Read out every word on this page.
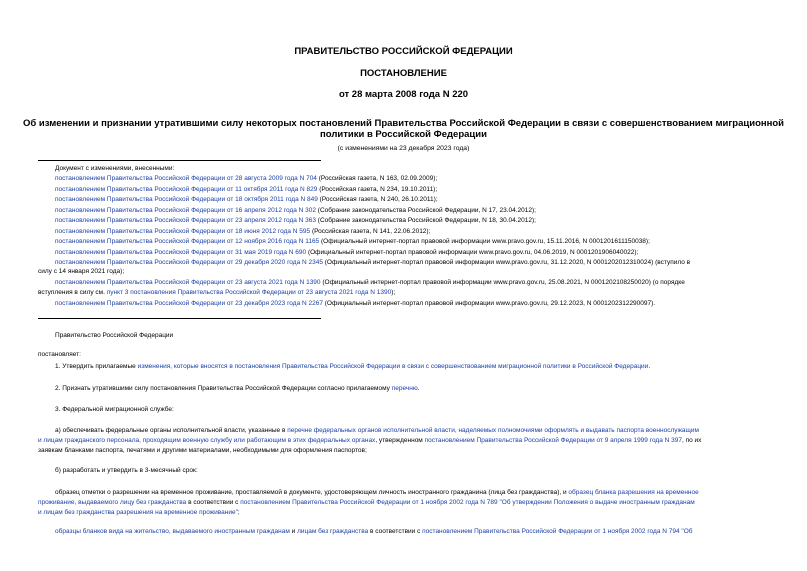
ПРАВИТЕЛЬСТВО РОССИЙСКОЙ ФЕДЕРАЦИИ
ПОСТАНОВЛЕНИЕ
от 28 марта 2008 года N 220
Об изменении и признании утратившими силу некоторых постановлений Правительства Российской Федерации в связи с совершенствованием миграционной
политики в Российской Федерации
(с изменениями на 23 декабря 2023 года)
Документ с изменениями, внесенными:
постановлением Правительства Российской Федерации от 28 августа 2009 года N 704 (Российская газета, N 163, 02.09.2009);
постановлением Правительства Российской Федерации от 11 октября 2011 года N 829 (Российская газета, N 234, 19.10.2011);
постановлением Правительства Российской Федерации от 18 октября 2011 года N 849 (Российская газета, N 240, 26.10.2011);
постановлением Правительства Российской Федерации от 16 апреля 2012 года N 302 (Собрание законодательства Российской Федерации, N 17, 23.04.2012);
постановлением Правительства Российской Федерации от 23 апреля 2012 года N 363 (Собрание законодательства Российской Федерации, N 18, 30.04.2012);
постановлением Правительства Российской Федерации от 18 июня 2012 года N 595 (Российская газета, N 141, 22.06.2012);
постановлением Правительства Российской Федерации от 12 ноября 2016 года N 1165 (Официальный интернет-портал правовой информации www.pravo.gov.ru, 15.11.2016, N 0001201611150038);
постановлением Правительства Российской Федерации от 31 мая 2019 года N 690 (Официальный интернет-портал правовой информации www.pravo.gov.ru, 04.06.2019, N 0001201906040022);
постановлением Правительства Российской Федерации от 29 декабря 2020 года N 2345 (Официальный интернет-портал правовой информации www.pravo.gov.ru, 31.12.2020, N 0001202012310024) (вступило в
силу с 14 января 2021 года);
постановлением Правительства Российской Федерации от 23 августа 2021 года N 1390 (Официальный интернет-портал правовой информации www.pravo.gov.ru, 25.08.2021, N 0001202108250020) (о порядке
вступления в силу см. пункт 3 постановления Правительства Российской Федерации от 23 августа 2021 года N 1390);
постановлением Правительства Российской Федерации от 23 декабря 2023 года N 2267 (Официальный интернет-портал правовой информации www.pravo.gov.ru, 29.12.2023, N 0001202312290097).
Правительство Российской Федерации
постановляет:
1. Утвердить прилагаемые изменения, которые вносятся в постановления Правительства Российской Федерации в связи с совершенствованием миграционной политики в Российской Федерации.
2. Признать утратившими силу постановления Правительства Российской Федерации согласно прилагаемому перечню.
3. Федеральной миграционной службе:
а) обеспечивать федеральные органы исполнительной власти, указанные в перечне федеральных органов исполнительной власти, наделяемых полномочиями оформлять и выдавать паспорта военнослужащим
и лицам гражданского персонала, проходящим военную службу или работающим в этих федеральных органах, утвержденном постановлением Правительства Российской Федерации от 9 апреля 1999 года N 397, по их
заявкам бланками паспорта, печатями и другими материалами, необходимыми для оформления паспортов;
б) разработать и утвердить в 3-месячный срок:
образец отметки о разрешении на временное проживание, проставляемой в документе, удостоверяющем личность иностранного гражданина (лица без гражданства), и образец бланка разрешения на временное
проживание, выдаваемого лицу без гражданства в соответствии с постановлением Правительства Российской Федерации от 1 ноября 2002 года N 789 "Об утверждении Положения о выдаче иностранным гражданам
и лицам без гражданства разрешения на временное проживание";
образцы бланков вида на жительство, выдаваемого иностранным гражданам и лицам без гражданства в соответствии с постановлением Правительства Российской Федерации от 1 ноября 2002 года N 794 "Об
